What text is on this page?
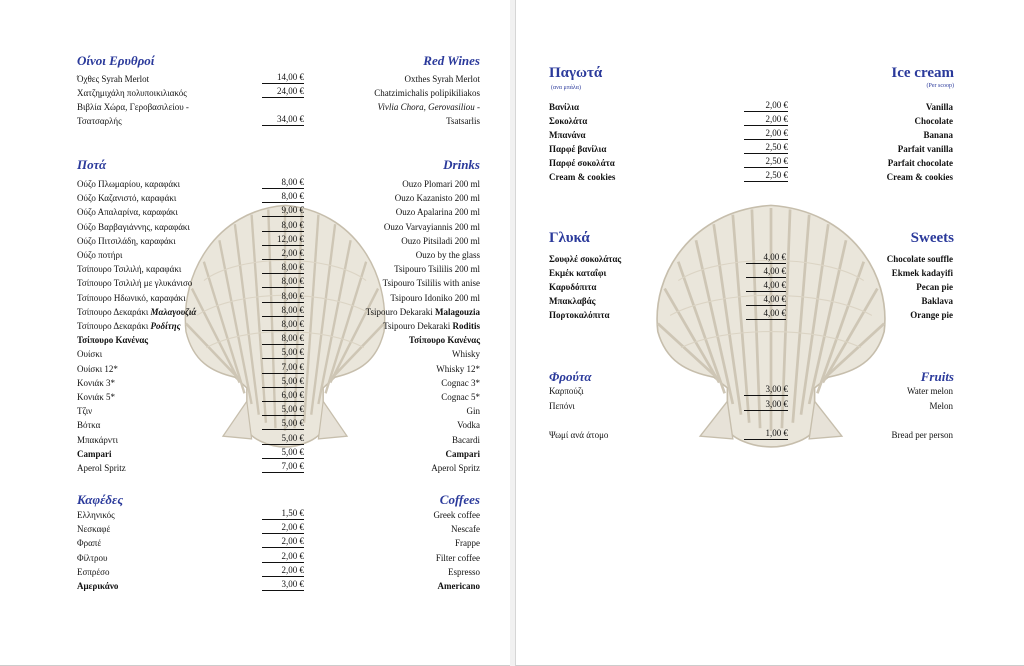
Οίνοι Ερυθροί	Red Wines
Όχθες Syrah Merlot	14,00 €	Oxthes Syrah Merlot
Χατζημιχάλη πολυποικιλιακός	24,00 €	Chatzimichalis polipikiliakos
Βιβλία Χώρα, Γεροβασιλείου -	Vivlia Chora, Gerovasiliou -
Τσατσαρλής	34,00 €	Tsatsarlis
Ποτά	Drinks
Ούζο Πλωμαρίου, καραφάκι	8,00 €	Ouzo Plomari 200 ml
Ούζο Καζανιστό, καραφάκι	8,00 €	Ouzo Kazanisto 200 ml
Ούζο Απαλαρίνα, καραφάκι	9,00 €	Ouzo Apalarina 200 ml
Ούζο Βαρβαγιάννης, καραφάκι	8,00 €	Ouzo Varvayiannis 200 ml
Ούζο Πιτσιλάδη, καραφάκι	12,00 €	Ouzo Pitsiladi 200 ml
Ούζο ποτήρι	2,00 €	Ouzo by the glass
Τσίπουρο Τσιλιλή, καραφάκι	8,00 €	Tsipouro Tsililis 200 ml
Τσίπουρο Τσιλιλή με γλυκάνισο	8,00 €	Tsipouro Tsililis with anise
Τσίπουρο Ηδωνικό, καραφάκι	8,00 €	Tsipouro Idoniko 200 ml
Τσίπουρο Δεκαράκι Μαλαγουζιά	8,00 €	Tsipouro Dekaraki Malagouzia
Τσίπουρο Δεκαράκι Ροδίτης	8,00 €	Tsipouro Dekaraki Roditis
Τσίπουρο Κανένας	8,00 €	Τσίπουρο Κανένας
Ουίσκι	5,00 €	Whisky
Ουίσκι 12*	7,00 €	Whisky 12*
Κονιάκ 3*	5,00 €	Cognac 3*
Κονιάκ 5*	6,00 €	Cognac 5*
Τζιν	5,00 €	Gin
Βότκα	5,00 €	Vodka
Μπακάρντι	5,00 €	Bacardi
Campari	5,00 €	Campari
Aperol Spritz	7,00 €	Aperol Spritz
Καφέδες	Coffees
Ελληνικός	1,50 €	Greek coffee
Νεσκαφέ	2,00 €	Nescafe
Φραπέ	2,00 €	Frappe
Φίλτρου	2,00 €	Filter coffee
Εσπρέσο	2,00 €	Espresso
Αμερικάνο	3,00 €	Americano
Παγωτά
(ανα μπάλα)
Ice cream
(Per scoop)
Βανίλια	2,00 €	Vanilla
Σοκολάτα	2,00 €	Chocolate
Μπανάνα	2,00 €	Banana
Παρφέ βανίλια	2,50 €	Parfait vanilla
Παρφέ σοκολάτα	2,50 €	Parfait chocolate
Cream & cookies	2,50 €	Cream & cookies
Γλυκά	Sweets
Σουφλέ σοκολάτας	4,00 €	Chocolate souffle
Εκμέκ καταΐφι	4,00 €	Ekmek kadayifi
Καρυδόπιτα	4,00 €	Pecan pie
Μπακλαβάς	4,00 €	Baklava
Πορτοκαλόπιτα	4,00 €	Orange pie
Φρούτα	Fruits
Καρπούζι	3,00 €	Water melon
Πεπόνι	3,00 €	Melon
Ψωμί ανά άτομο	1,00 €	Bread per person
